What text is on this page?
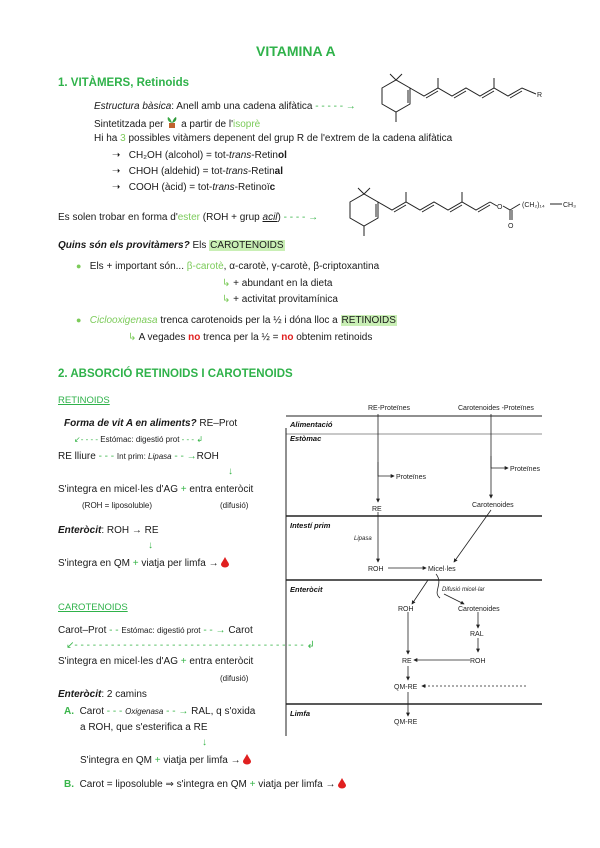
VITAMINA A
1. VITÀMERS, Retinoids
Estructura bàsica: Anell amb una cadena alifàtica - - - - - →
Sintetitzada per a partir de l'isoprè
Hi ha 3 possibles vitàmers depenent del grup R de l'extrem de la cadena alifàtica
➝ CH₂OH (alcohol) = tot-trans-Retinol
➝ CHOH (aldehid) = tot-trans-Retinal
➝ COOH (àcid) = tot-trans-Retinoïc
R
Es solen trobar en forma d'ester (ROH + grup acil) - - - - →
O
O
(CH₂)₁₄	CH₃
Quins són els provitàmers? Els CAROTENOIDS
● Els + important són... β-carotè, α-carotè, γ-carotè, β-criptoxantina
↳ + abundant en la dieta
↳ + activitat provitamínica
● Ciclooxigenasa trenca carotenoids per la ½ i dóna lloc a RETINOIDS
↳ A vegades no trenca per la ½ = no obtenim retinoids
2. ABSORCIÓ RETINOIDS I CAROTENOIDS
RETINOIDS
Forma de vit A en aliments? RE–Prot
↙- - - - Estómac: digestió prot - - - ↲
RE lliure - - - Int prim: Lipasa - - →ROH
↓
S'integra en micel·les d'AG + entra enteròcit
(ROH = liposoluble)	(difusió)
Enteròcit: ROH → RE
↓
S'integra en QM + viatja per limfa →
CAROTENOIDS
Carot–Prot - - Estómac: digestió prot - - → Carot
↙- - - - - - - - - - - - - - - - - - - - - - - - - - - - - - - - - - - - - - ↲
S'integra en micel·les d'AG + entra enteròcit
(difusió)
Enteròcit: 2 camins
A. Carot - - - Oxigenasa - - → RAL, q s'oxida
a ROH, que s'esterifica a RE
↓
S'integra en QM + viatja per limfa →
B. Carot = liposoluble ⇒ s'integra en QM + viatja per limfa →
Alimentació
Estòmac
Intestí prim
Enteròcit
Limfa
RE-Proteïnes	Carotenoides -Proteïnes
Proteïnes
Proteïnes
RE
Carotenoides
Lipasa
ROH	Micel·les
Difusió micel·lar
ROH	Carotenoides
RAL
RE	ROH
QM-RE
QM-RE
